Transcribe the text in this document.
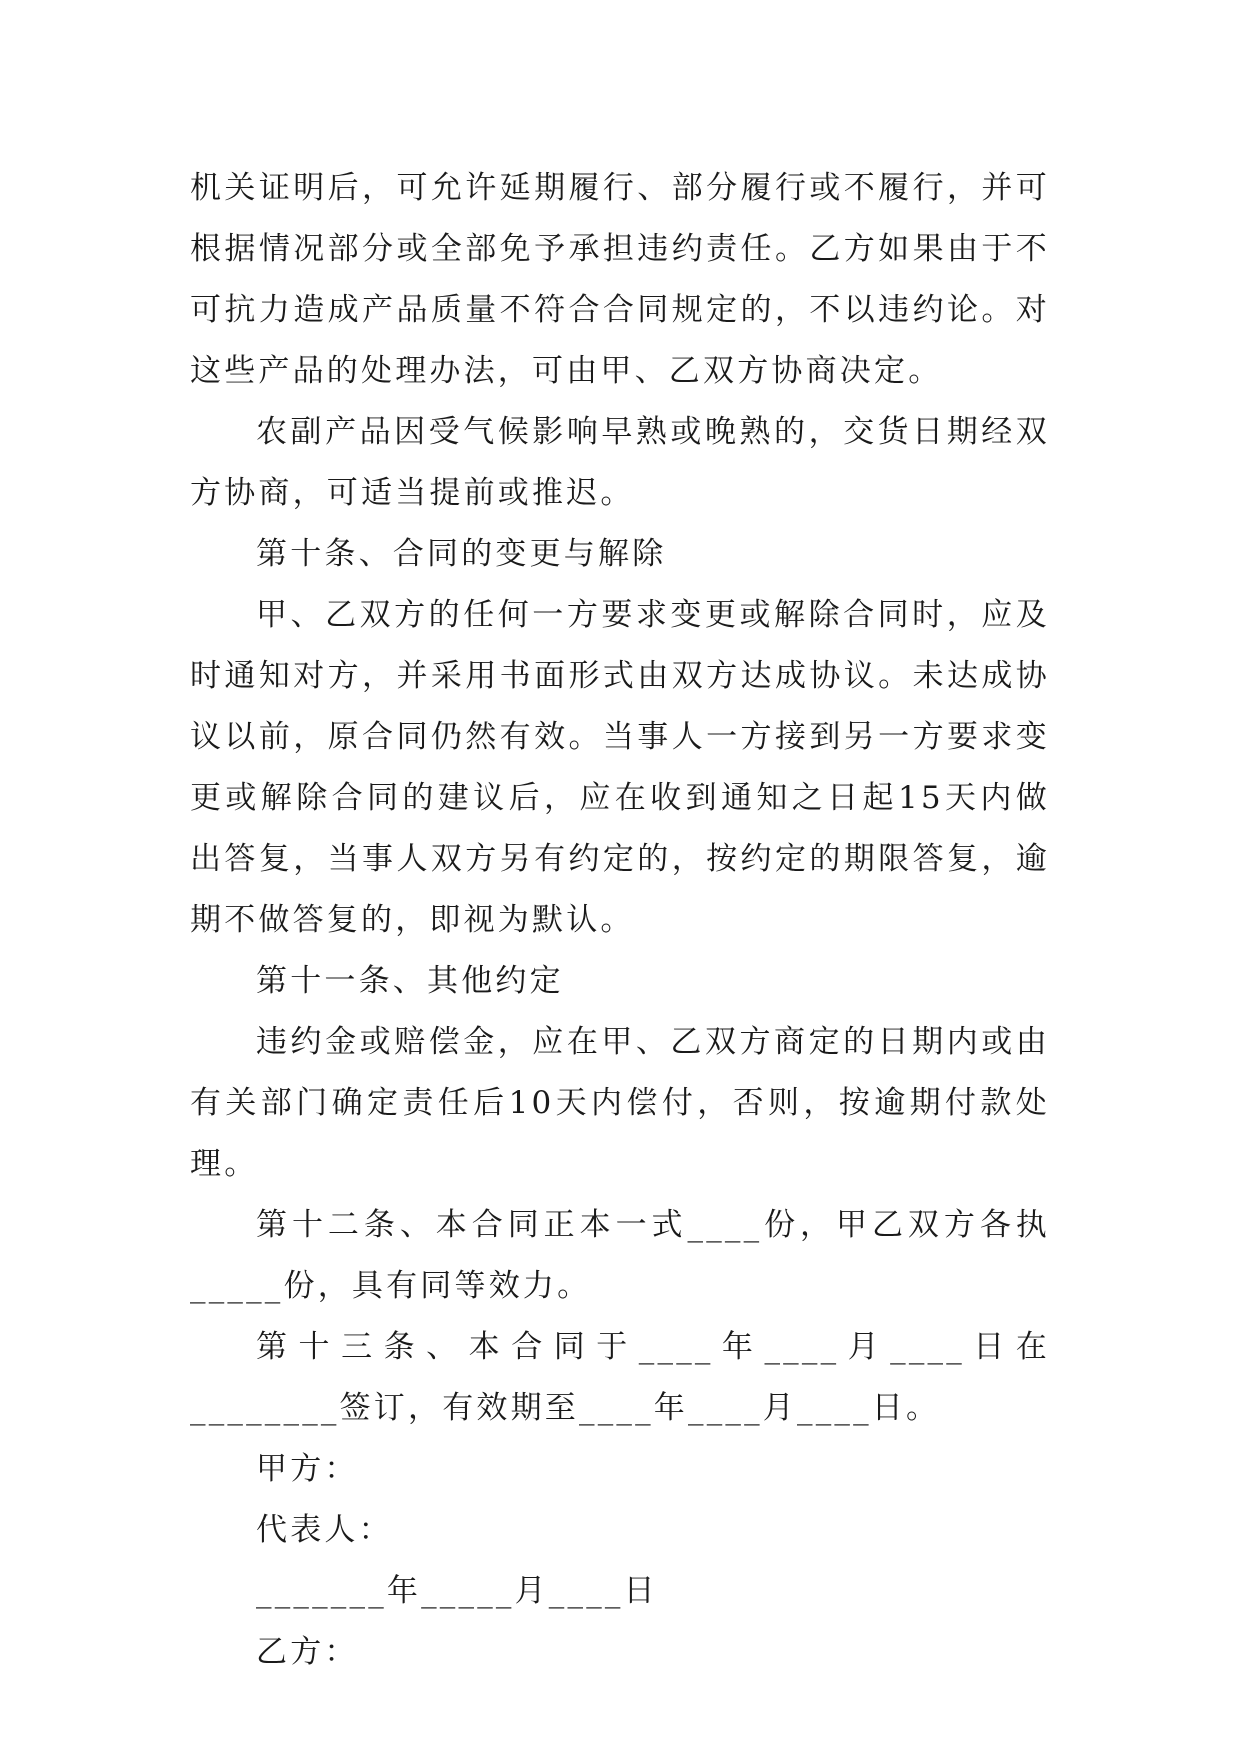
机关证明后，可允许延期履行、部分履行或不履行，并可根据情况部分或全部免予承担违约责任。乙方如果由于不可抗力造成产品质量不符合合同规定的，不以违约论。对这些产品的处理办法，可由甲、乙双方协商决定。

农副产品因受气候影响早熟或晚熟的，交货日期经双方协商，可适当提前或推迟。

第十条、合同的变更与解除

甲、乙双方的任何一方要求变更或解除合同时，应及时通知对方，并采用书面形式由双方达成协议。未达成协议以前，原合同仍然有效。当事人一方接到另一方要求变更或解除合同的建议后，应在收到通知之日起15天内做出答复，当事人双方另有约定的，按约定的期限答复，逾期不做答复的，即视为默认。

第十一条、其他约定

违约金或赔偿金，应在甲、乙双方商定的日期内或由有关部门确定责任后10天内偿付，否则，按逾期付款处理。

第十二条、本合同正本一式____份，甲乙双方各执_____份，具有同等效力。

第十三条、本合同于____年____月____日在________签订，有效期至____年____月____日。

甲方：

代表人：

_______年_____月____日

乙方：
